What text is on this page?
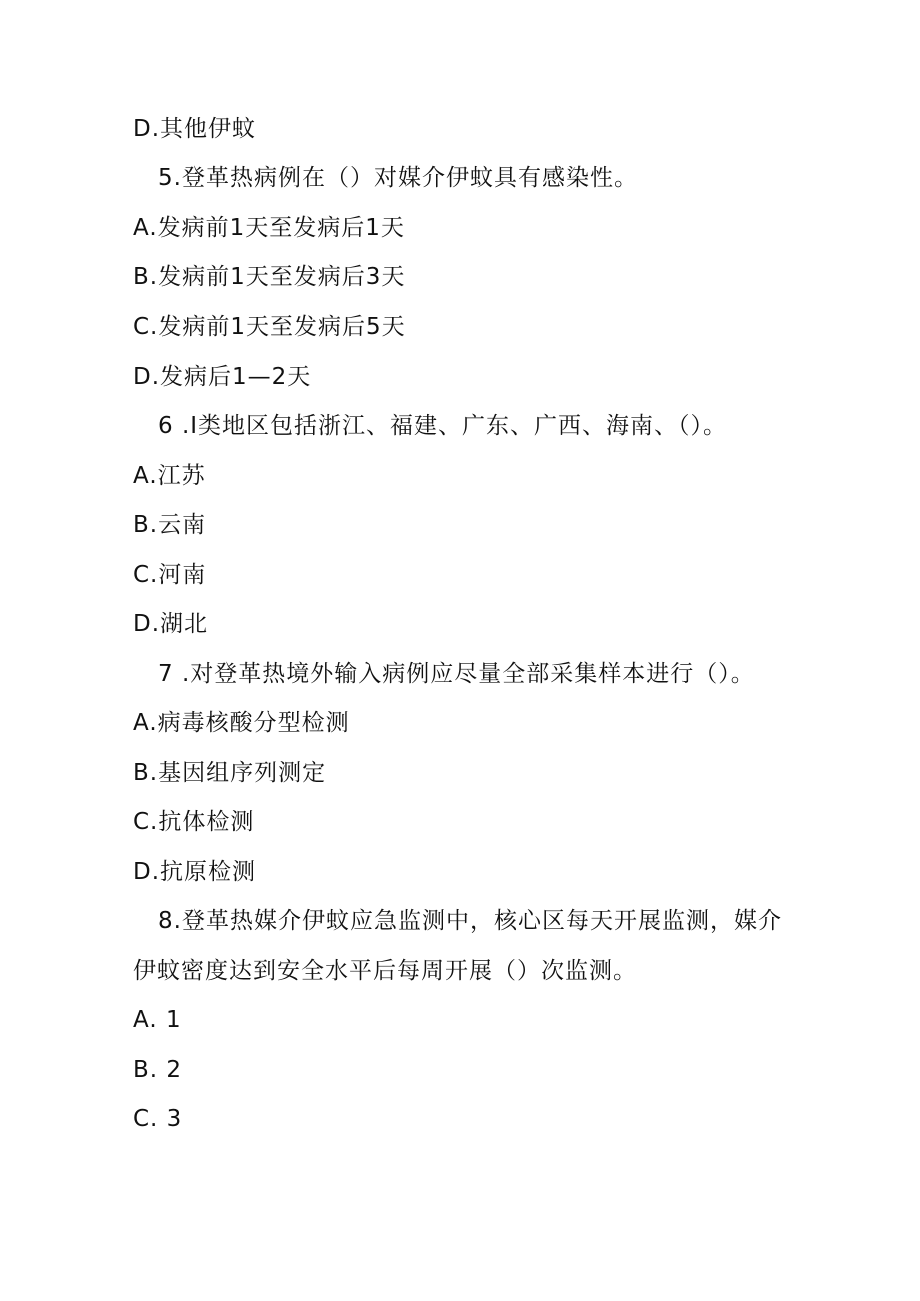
D.其他伊蚊
5.登革热病例在（）对媒介伊蚊具有感染性。
A.发病前1天至发病后1天
B.发病前1天至发病后3天
C.发病前1天至发病后5天
D.发病后1—2天
6 .I类地区包括浙江、福建、广东、广西、海南、（）。
A.江苏
B.云南
C.河南
D.湖北
7 .对登革热境外输入病例应尽量全部采集样本进行（）。
A.病毒核酸分型检测
B.基因组序列测定
C.抗体检测
D.抗原检测
8.登革热媒介伊蚊应急监测中，核心区每天开展监测，媒介
伊蚊密度达到安全水平后每周开展（）次监测。
A. 1
B. 2
C. 3
